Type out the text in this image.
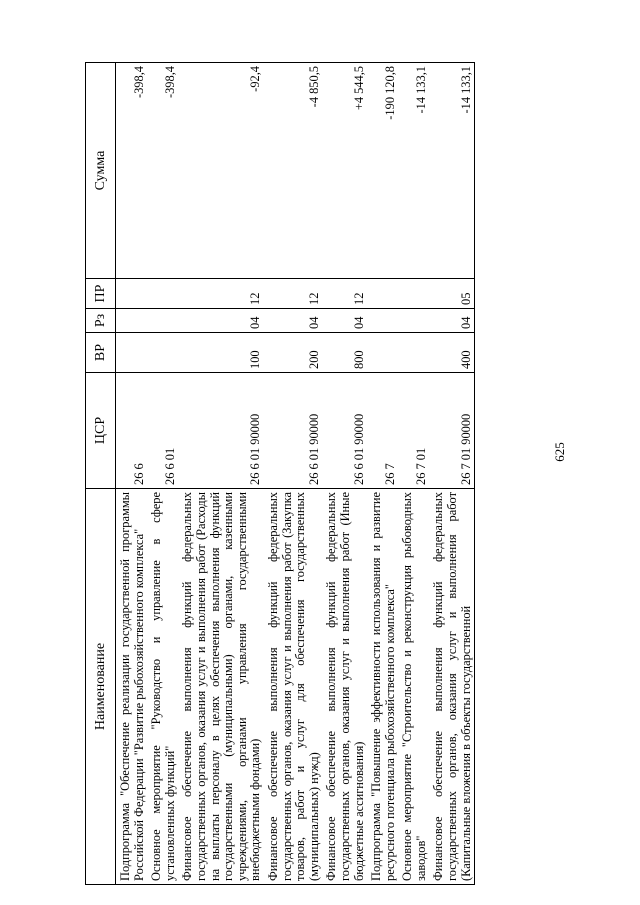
625
Наименование	ЦСР	ВР	Рз	ПР	Сумма
Подпрограмма "Обеспечение реализации государственной программы Российской Федерации "Развитие рыбохозяйственного комплекса"	26 6				-398,4
Основное мероприятие "Руководство и управление в сфере установленных функций"	26 6 01				-398,4
Финансовое обеспечение выполнения функций федеральных государственных органов, оказания услуг и выполнения работ (Расходы на выплаты персоналу в целях обеспечения выполнения функций государственными (муниципальными) органами, казенными учреждениями, органами управления государственными внебюджетными фондами)	26 6 01 90000	100	04	12	-92,4
Финансовое обеспечение выполнения функций федеральных государственных органов, оказания услуг и выполнения работ (Закупка товаров, работ и услуг для обеспечения государственных (муниципальных) нужд)	26 6 01 90000	200	04	12	-4 850,5
Финансовое обеспечение выполнения функций федеральных государственных органов, оказания услуг и выполнения работ (Иные бюджетные ассигнования)	26 6 01 90000	800	04	12	+4 544,5
Подпрограмма "Повышение эффективности использования и развитие ресурсного потенциала рыбохозяйственного комплекса"	26 7				-190 120,8
Основное мероприятие "Строительство и реконструкция рыбоводных заводов"	26 7 01				-14 133,1
Финансовое обеспечение выполнения функций федеральных государственных органов, оказания услуг и выполнения работ (Капитальные вложения в объекты государственной	26 7 01 90000	400	04	05	-14 133,1
